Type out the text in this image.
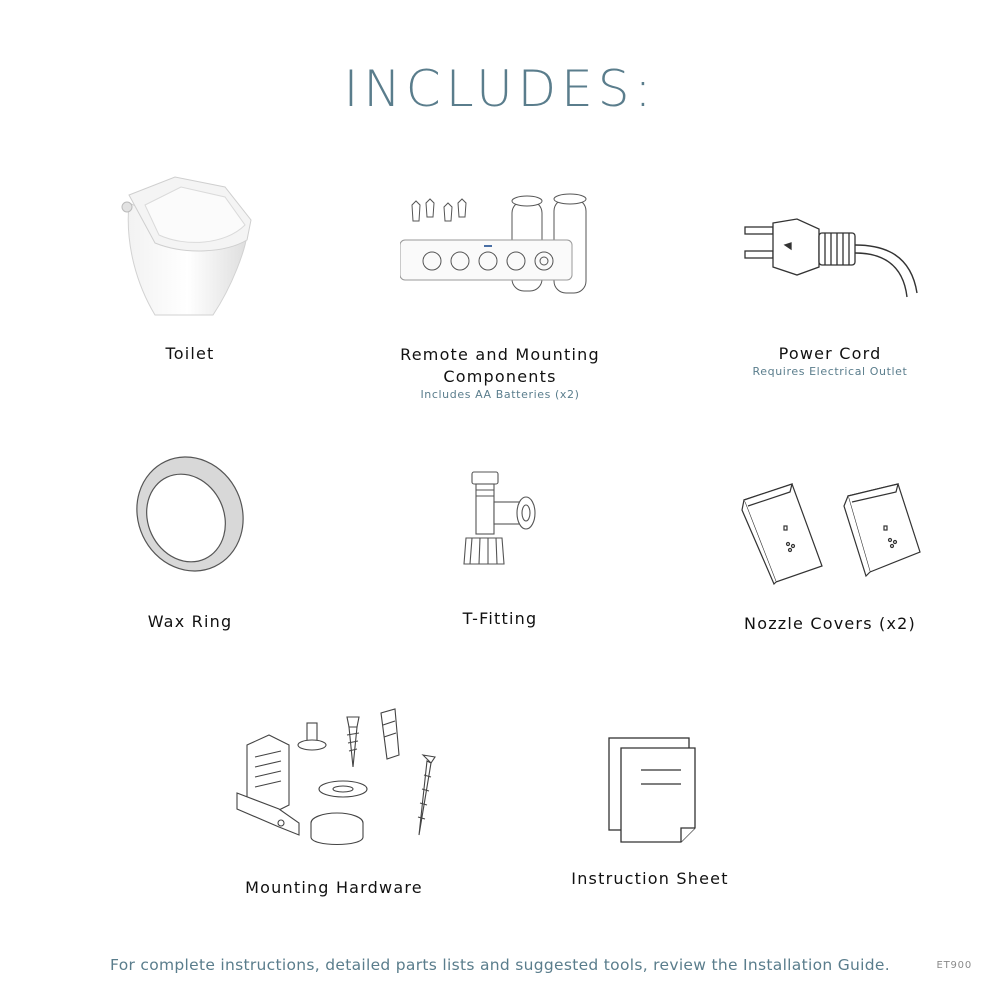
INCLUDES:
Toilet	Remote and Mounting
Components
Includes AA Batteries (x2)
Power Cord
Requires Electrical Outlet
Wax Ring	T-Fitting	Nozzle Covers (x2)
Mounting Hardware	Instruction Sheet
For complete instructions, detailed parts lists and suggested tools, review the Installation Guide.	ET900
